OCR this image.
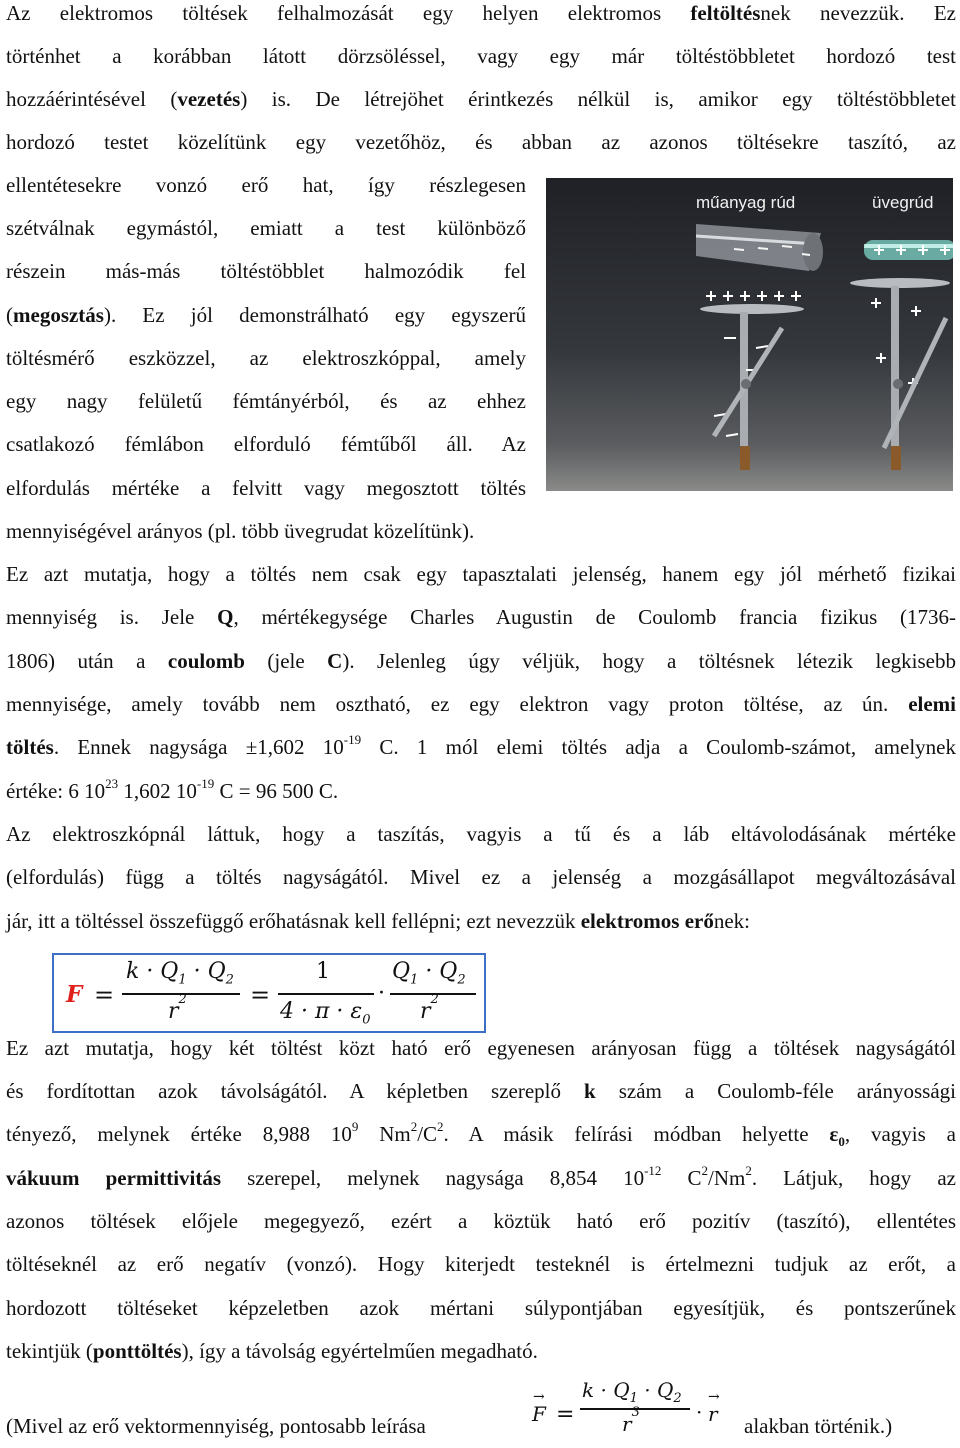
Az elektromos töltések felhalmozását egy helyen elektromos feltöltésnek nevezzük. Ez
történhet a korábban látott dörzsöléssel, vagy egy már töltéstöbbletet hordozó test
hozzáérintésével (vezetés) is. De létrejöhet érintkezés nélkül is, amikor egy töltéstöbbletet
hordozó testet közelítünk egy vezetőhöz, és abban az azonos töltésekre taszító, az
ellentétesekre vonzó erő hat, így részlegesen
szétválnak egymástól, emiatt a test különböző
részein más-más töltéstöbblet halmozódik fel
(megosztás). Ez jól demonstrálható egy egyszerű
töltésmérő eszközzel, az elektroszkóppal, amely
egy nagy felületű fémtányérból, és az ehhez
csatlakozó fémlábon elforduló fémtűből áll. Az
elfordulás mértéke a felvitt vagy megosztott töltés
mennyiségével arányos (pl. több üvegrudat közelítünk).
Ez azt mutatja, hogy a töltés nem csak egy tapasztalati jelenség, hanem egy jól mérhető fizikai
mennyiség is. Jele Q, mértékegysége Charles Augustin de Coulomb francia fizikus (1736-
1806) után a coulomb (jele C). Jelenleg úgy véljük, hogy a töltésnek létezik legkisebb
mennyisége, amely tovább nem osztható, ez egy elektron vagy proton töltése, az ún. elemi
töltés. Ennek nagysága ±1,602 $10^{-19}$ C. 1 mól elemi töltés adja a Coulomb-számot, amelynek
értéke: 6 $10^{23}$ 1,602 $10^{-19}$ C = 96 500 C.
Az elektroszkópnál láttuk, hogy a taszítás, vagyis a tű és a láb eltávolodásának mértéke
(elfordulás) függ a töltés nagyságától. Mivel ez a jelenség a mozgásállapot megváltozásával
jár, itt a töltéssel összefüggő erőhatásnak kell fellépni; ezt nevezzük elektromos erőnek:
Ez azt mutatja, hogy két töltést közt ható erő egyenesen arányosan függ a töltések nagyságától
és fordítottan azok távolságától. A képletben szereplő k szám a Coulomb-féle arányossági
tényező, melynek értéke 8,988 $10^9$ $Nm^2/C^2$. A másik felírási módban helyette $\varepsilon_0$, vagyis a
vákuum permittivitás szerepel, melynek nagysága 8,854 $10^{-12}$ $C^2/Nm^2$. Látjuk, hogy az
azonos töltések előjele megegyező, ezért a köztük ható erő pozitív (taszító), ellentétes
töltéseknél az erő negatív (vonzó). Hogy kiterjedt testeknél is értelmezni tudjuk az erőt, a
hordozott töltéseket képzeletben azok mértani súlypontjában egyesítjük, és pontszerűnek
tekintjük (ponttöltés), így a távolság egyértelműen megadható.
(Mivel az erő vektormennyiség, pontosabb leírása	alakban történik.)
műanyag rúd	üvegrúd
F =
$k \cdot Q_1 \cdot Q_2$
$r^2$	=
1
$4 \cdot \pi \cdot \varepsilon_0$
·
$Q_1 \cdot Q_2$
$r^2$
→
F =
$k \cdot Q_1 \cdot Q_2$
$r^3$	·
→
r
